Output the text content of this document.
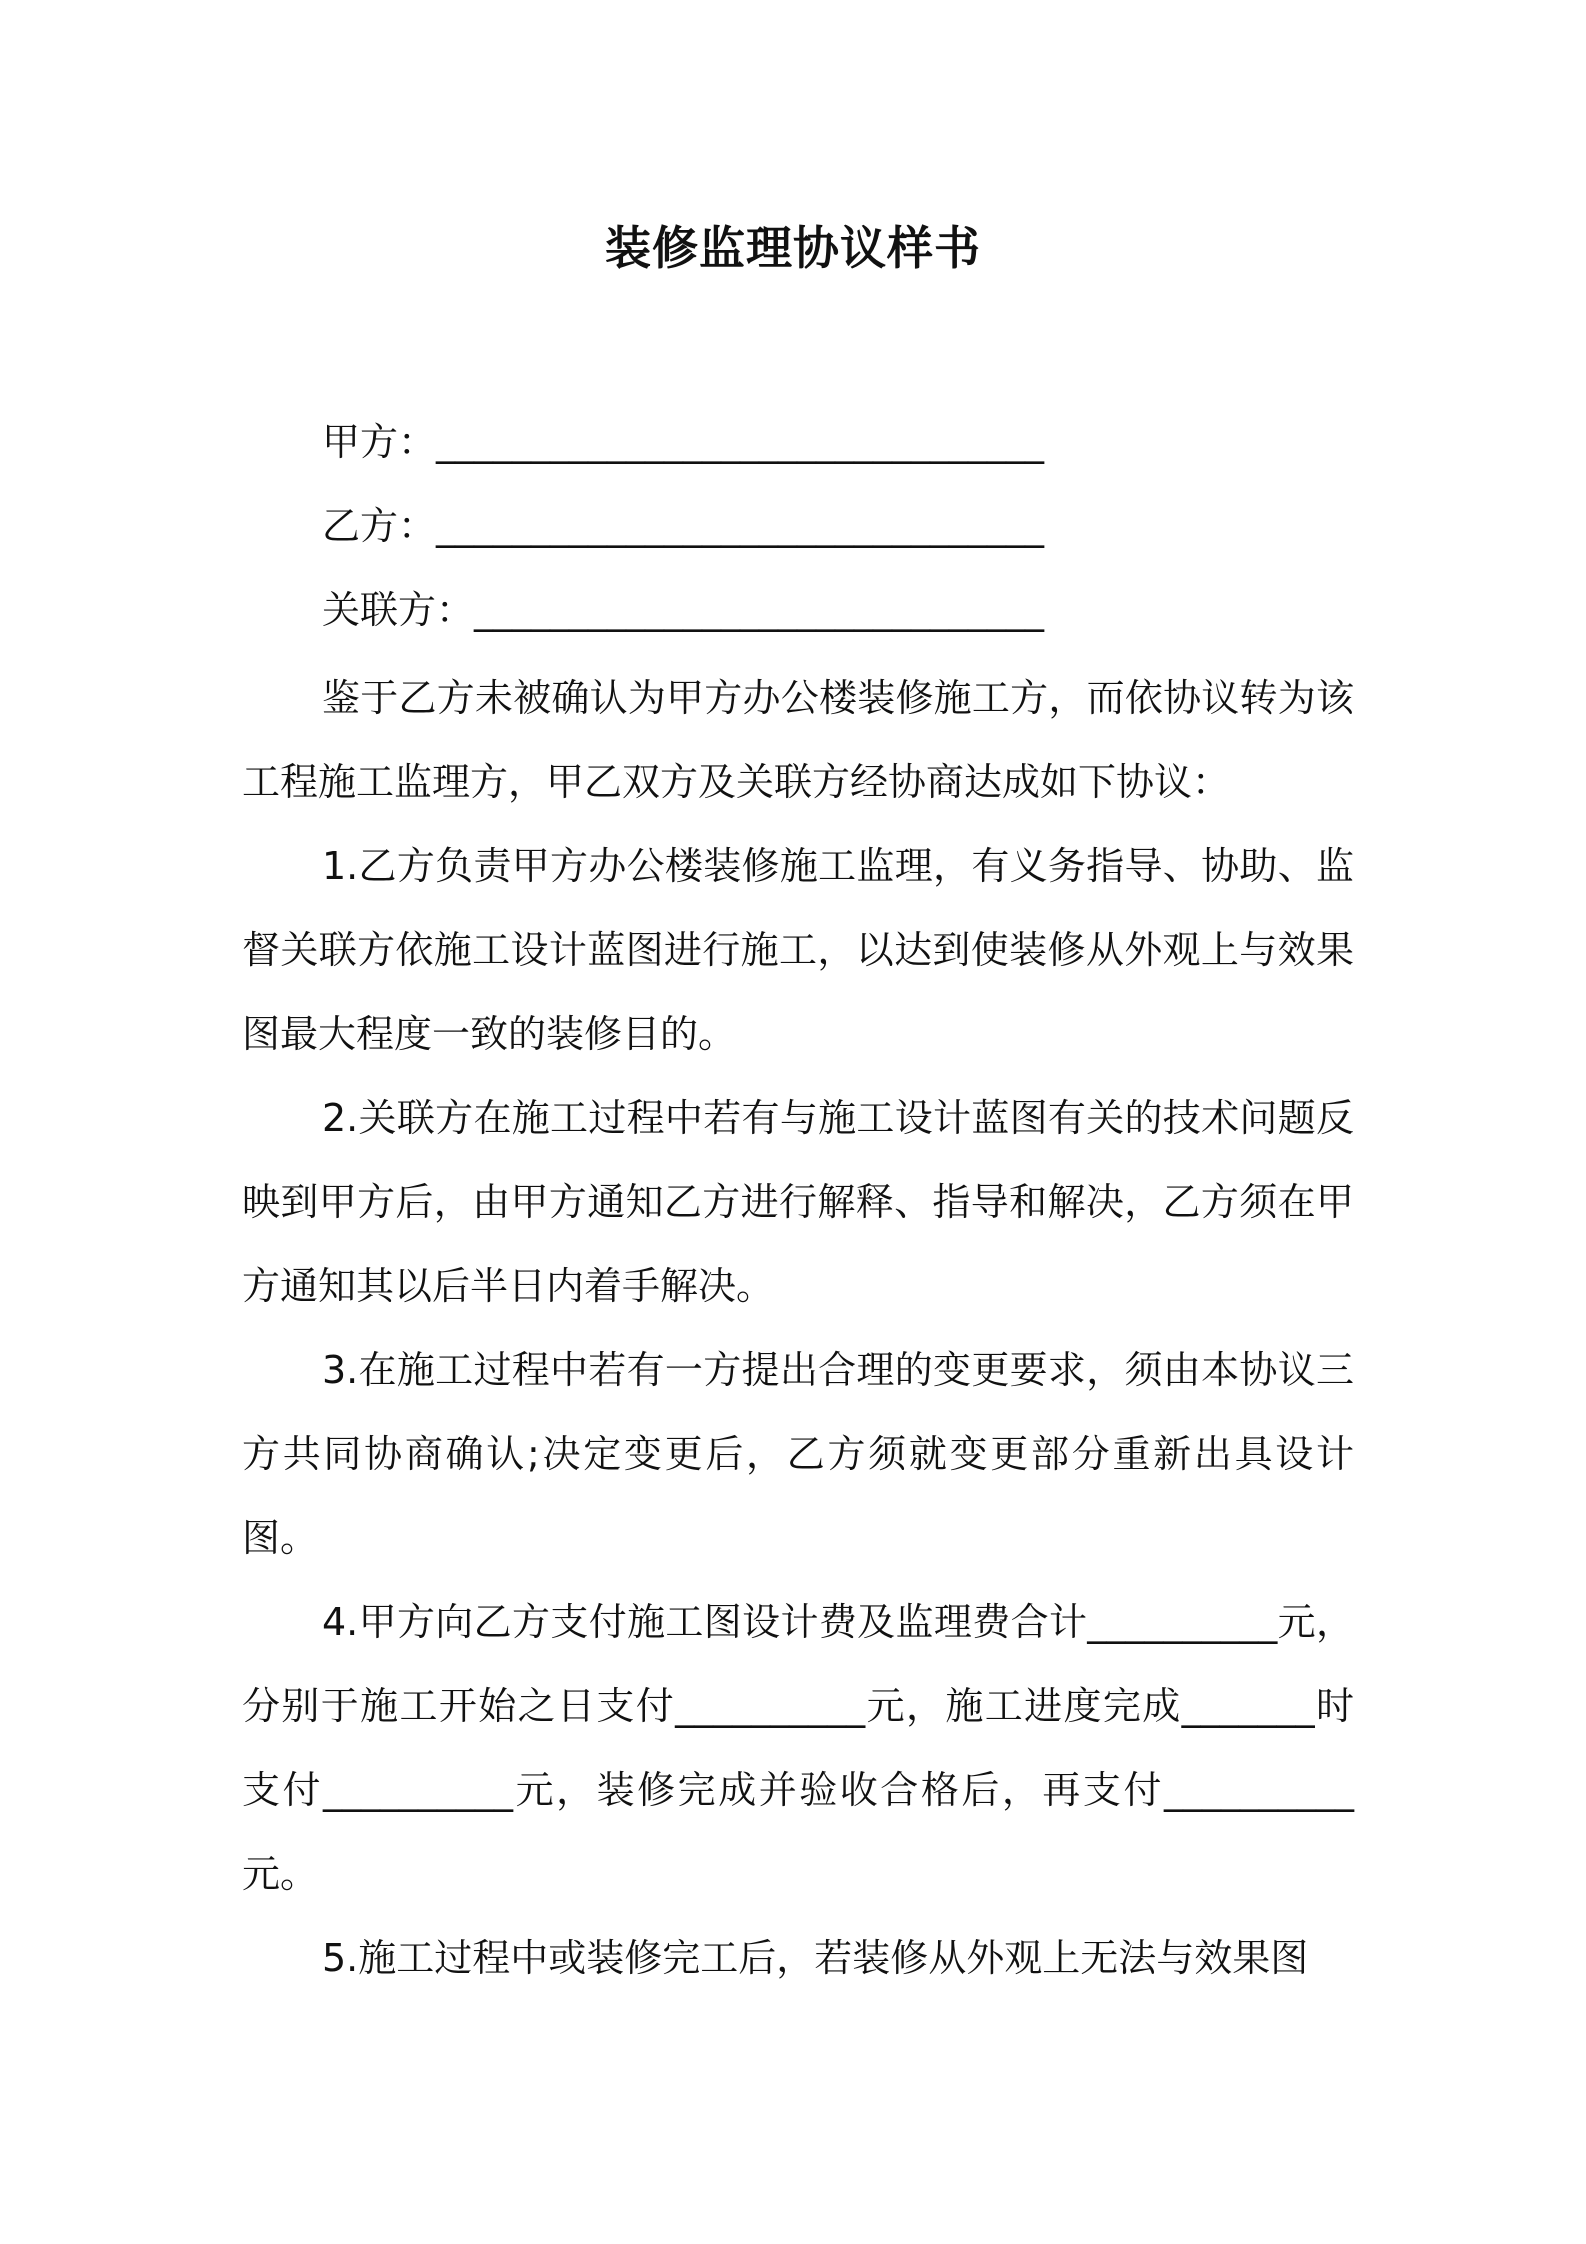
装修监理协议样书
甲方：________________________________
乙方：________________________________
关联方：______________________________

鉴于乙方未被确认为甲方办公楼装修施工方，而依协议转为该工程施工监理方，甲乙双方及关联方经协商达成如下协议：

1.乙方负责甲方办公楼装修施工监理，有义务指导、协助、监督关联方依施工设计蓝图进行施工，以达到使装修从外观上与效果图最大程度一致的装修目的。

2.关联方在施工过程中若有与施工设计蓝图有关的技术问题反映到甲方后，由甲方通知乙方进行解释、指导和解决，乙方须在甲方通知其以后半日内着手解决。

3.在施工过程中若有一方提出合理的变更要求，须由本协议三方共同协商确认;决定变更后，乙方须就变更部分重新出具设计图。

4.甲方向乙方支付施工图设计费及监理费合计__________元，分别于施工开始之日支付__________元，施工进度完成_______时支付__________元，装修完成并验收合格后，再支付__________元。

5.施工过程中或装修完工后，若装修从外观上无法与效果图
